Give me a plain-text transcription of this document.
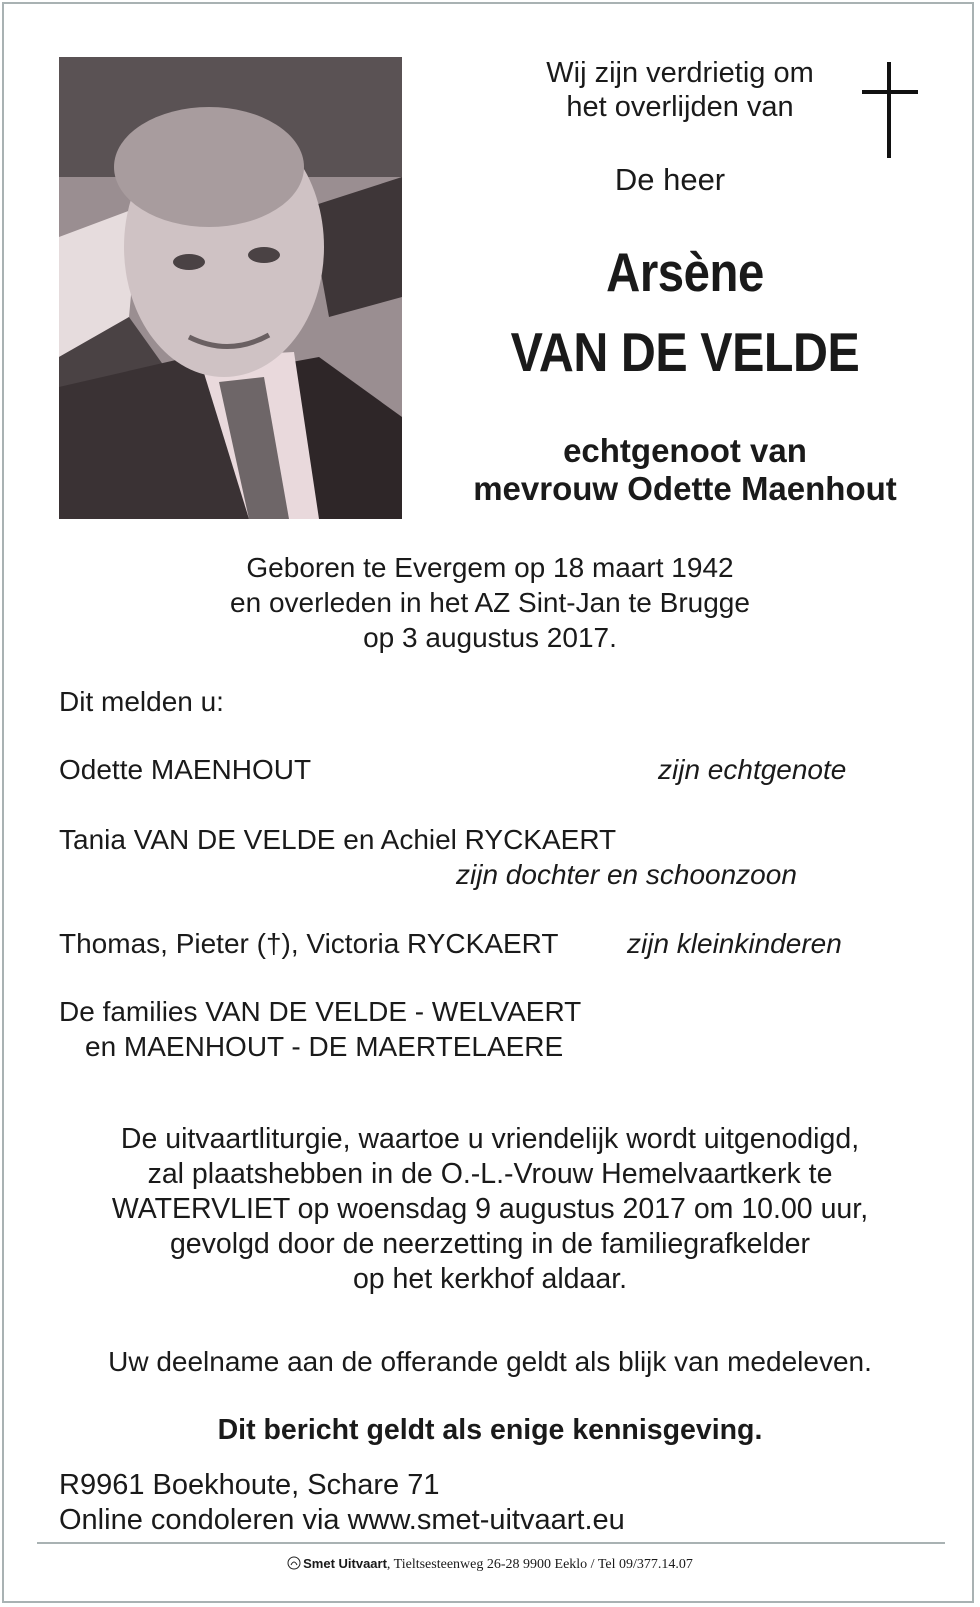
Wij zijn verdrietig om
het overlijden van
De heer
Arsène
VAN DE VELDE
echtgenoot van
mevrouw Odette Maenhout
Geboren te Evergem op 18 maart 1942
en overleden in het AZ Sint-Jan te Brugge
op 3 augustus 2017.
Dit melden u:
Odette MAENHOUT	zijn echtgenote
Tania VAN DE VELDE en Achiel RYCKAERT
zijn dochter en schoonzoon
Thomas, Pieter (†), Victoria RYCKAERT zijn kleinkinderen
De families VAN DE VELDE - WELVAERT
en MAENHOUT - DE MAERTELAERE
De uitvaartliturgie, waartoe u vriendelijk wordt uitgenodigd,
zal plaatshebben in de O.-L.-Vrouw Hemelvaartkerk te
WATERVLIET op woensdag 9 augustus 2017 om 10.00 uur,
gevolgd door de neerzetting in de familiegrafkelder
op het kerkhof aldaar.
Uw deelname aan de offerande geldt als blijk van medeleven.
Dit bericht geldt als enige kennisgeving.
R9961 Boekhoute, Schare 71
Online condoleren via www.smet-uitvaart.eu
Smet Uitvaart, Tieltsesteenweg 26-28 9900 Eeklo / Tel 09/377.14.07
